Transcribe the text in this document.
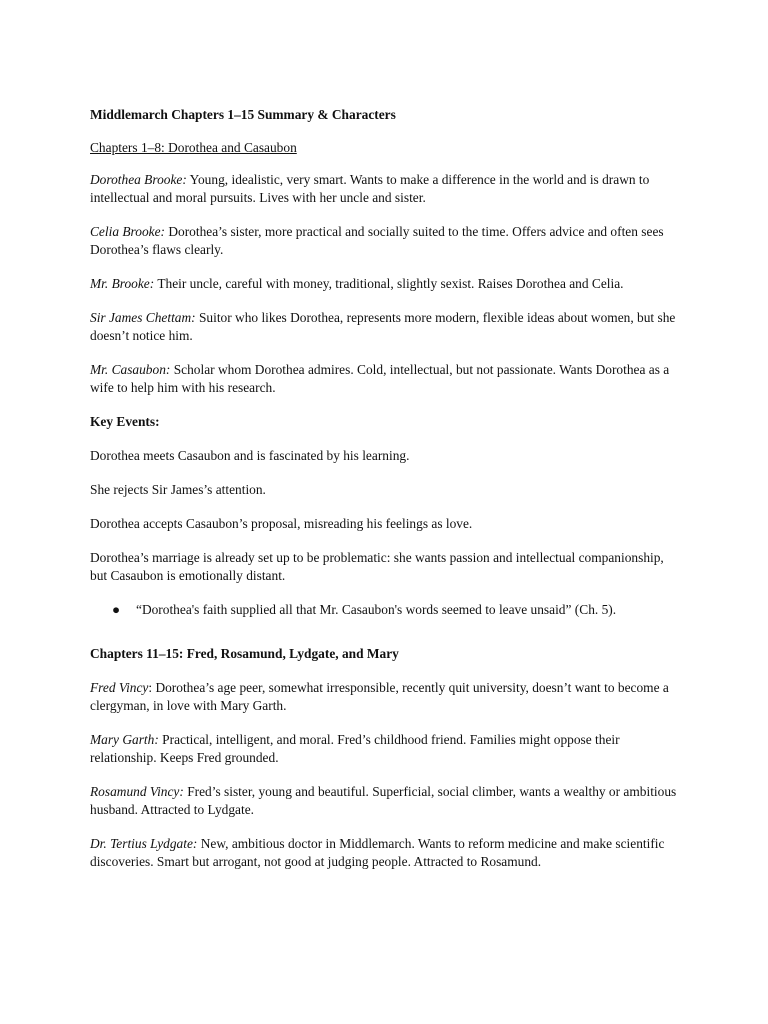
Middlemarch Chapters 1–15 Summary & Characters

Chapters 1–8: Dorothea and Casaubon

Dorothea Brooke: Young, idealistic, very smart. Wants to make a difference in the world and is drawn to intellectual and moral pursuits. Lives with her uncle and sister.

Celia Brooke: Dorothea’s sister, more practical and socially suited to the time. Offers advice and often sees Dorothea’s flaws clearly.

Mr. Brooke: Their uncle, careful with money, traditional, slightly sexist. Raises Dorothea and Celia.

Sir James Chettam: Suitor who likes Dorothea, represents more modern, flexible ideas about women, but she doesn’t notice him.

Mr. Casaubon: Scholar whom Dorothea admires. Cold, intellectual, but not passionate. Wants Dorothea as a wife to help him with his research.

Key Events:

Dorothea meets Casaubon and is fascinated by his learning.

She rejects Sir James’s attention.

Dorothea accepts Casaubon’s proposal, misreading his feelings as love.

Dorothea’s marriage is already set up to be problematic: she wants passion and intellectual companionship, but Casaubon is emotionally distant.

● “Dorothea's faith supplied all that Mr. Casaubon's words seemed to leave unsaid” (Ch. 5).

Chapters 11–15: Fred, Rosamund, Lydgate, and Mary

Fred Vincy: Dorothea’s age peer, somewhat irresponsible, recently quit university, doesn’t want to become a clergyman, in love with Mary Garth.

Mary Garth: Practical, intelligent, and moral. Fred’s childhood friend. Families might oppose their relationship. Keeps Fred grounded.

Rosamund Vincy: Fred’s sister, young and beautiful. Superficial, social climber, wants a wealthy or ambitious husband. Attracted to Lydgate.

Dr. Tertius Lydgate: New, ambitious doctor in Middlemarch. Wants to reform medicine and make scientific discoveries. Smart but arrogant, not good at judging people. Attracted to Rosamund.
